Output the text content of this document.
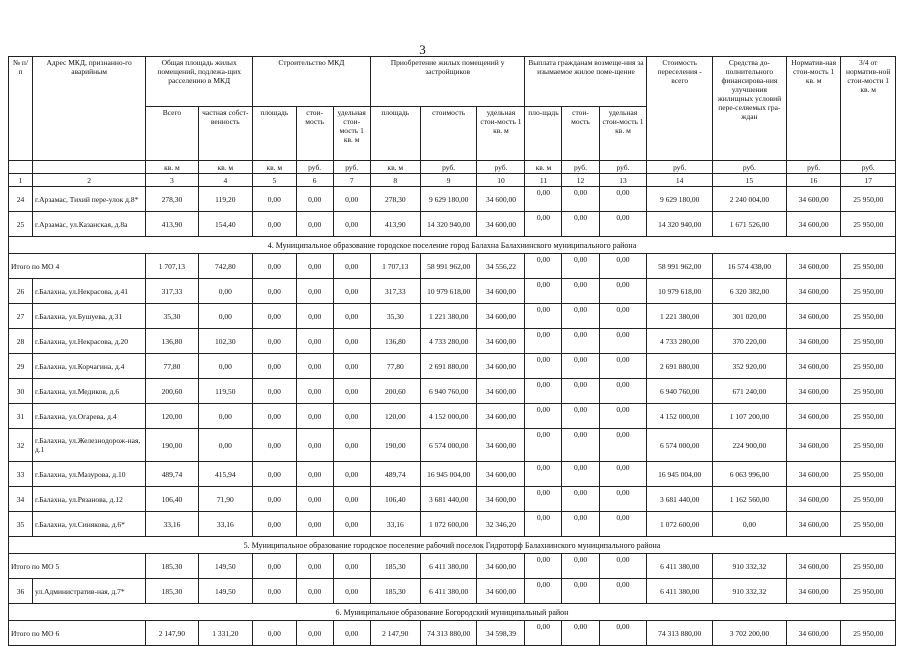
3
№ п/п	Адрес МКД, признанно-го аварийным	Общая площадь жилых помещений, подлежа-щих расселению в МКД		Строительство МКД			Приобретение жилых помещений у застройщиков			Выплата гражданам возмеще-ния за изымаемое жилое поме-щение			Стоимость переселения - всего	Средства до-полнительного финансирова-ния улучшения жилищных условий пере-селяемых гра-ждан	Норматив-ная стои-мость 1 кв. м	3/4 от норматив-ной стои-мости 1 кв. м
		Всего	частная собст-венность	площадь	стои-мость	удельная стои-мость 1 кв. м	площадь	стоимость	удельная стои-мость 1 кв. м	пло-щадь	стои-мость	удельная стои-мость 1 кв. м				
		кв. м	кв. м	кв. м	руб.	руб.	кв. м	руб.	руб.	кв. м	руб.	руб.	руб.	руб.	руб.	руб.
1	2	3	4	5	6	7	8	9	10	11	12	13	14	15	16	17
24	г.Арзамас, Тихий пере-улок д.8*	278,30	119,20	0,00	0,00	0,00	278,30	9 629 180,00	34 600,00	0,00	0,00	0,00	9 629 180,00	2 240 004,00	34 600,00	25 950,00
25	г.Арзамас, ул.Казанская, д.8а	413,90	154,40	0,00	0,00	0,00	413,90	14 320 940,00	34 600,00	0,00	0,00	0,00	14 320 940,00	1 671 526,00	34 600,00	25 950,00
4. Муниципальное образование городское поселение город Балахна Балахнинского муниципального района																
Итого по МО 4		1 707,13	742,80	0,00	0,00	0,00	1 707,13	58 991 962,00	34 556,22	0,00	0,00	0,00	58 991 962,00	16 574 438,00	34 600,00	25 950,00
26	г.Балахна, ул.Некрасова, д.41	317,33	0,00	0,00	0,00	0,00	317,33	10 979 618,00	34 600,00	0,00	0,00	0,00	10 979 618,00	6 320 382,00	34 600,00	25 950,00
27	г.Балахна, ул.Бушуева, д.31	35,30	0,00	0,00	0,00	0,00	35,30	1 221 380,00	34 600,00	0,00	0,00	0,00	1 221 380,00	301 020,00	34 600,00	25 950,00
28	г.Балахна, ул.Некрасова, д.20	136,80	102,30	0,00	0,00	0,00	136,80	4 733 280,00	34 600,00	0,00	0,00	0,00	4 733 280,00	370 220,00	34 600,00	25 950,00
29	г.Балахна, ул.Корчагина, д.4	77,80	0,00	0,00	0,00	0,00	77,80	2 691 880,00	34 600,00	0,00	0,00	0,00	2 691 880,00	352 920,00	34 600,00	25 950,00
30	г.Балахна, ул.Медиков, д.6	200,60	119,50	0,00	0,00	0,00	200,60	6 940 760,00	34 600,00	0,00	0,00	0,00	6 940 760,00	671 240,00	34 600,00	25 950,00
31	г.Балахна, ул.Огарева, д.4	120,00	0,00	0,00	0,00	0,00	120,00	4 152 000,00	34 600,00	0,00	0,00	0,00	4 152 000,00	1 107 200,00	34 600,00	25 950,00
32	г.Балахна, ул.Железнодорож-ная, д.1	190,00	0,00	0,00	0,00	0,00	190,00	6 574 000,00	34 600,00	0,00	0,00	0,00	6 574 000,00	224 900,00	34 600,00	25 950,00
33	г.Балахна, ул.Мазурова, д.10	489,74	415,94	0,00	0,00	0,00	489,74	16 945 004,00	34 600,00	0,00	0,00	0,00	16 945 004,00	6 063 996,00	34 600,00	25 950,00
34	г.Балахна, ул.Рязанова, д.12	106,40	71,90	0,00	0,00	0,00	106,40	3 681 440,00	34 600,00	0,00	0,00	0,00	3 681 440,00	1 162 560,00	34 600,00	25 950,00
35	г.Балахна, ул.Синякова, д.6*	33,16	33,16	0,00	0,00	0,00	33,16	1 072 600,00	32 346,20	0,00	0,00	0,00	1 072 600,00	0,00	34 600,00	25 950,00
5. Муниципальное образование городское поселение рабочий поселок Гидроторф Балахнинского муниципального района																
Итого по МО 5		185,30	149,50	0,00	0,00	0,00	185,30	6 411 380,00	34 600,00	0,00	0,00	0,00	6 411 380,00	910 332,32	34 600,00	25 950,00
36	ул.Административ-ная, д.7*	185,30	149,50	0,00	0,00	0,00	185,30	6 411 380,00	34 600,00	0,00	0,00	0,00	6 411 380,00	910 332,32	34 600,00	25 950,00
6. Муниципальное образование Богородский муниципальный район																
Итого по МО 6		2 147,90	1 331,20	0,00	0,00	0,00	2 147,90	74 313 880,00	34 598,39	0,00	0,00	0,00	74 313 880,00	3 702 200,00	34 600,00	25 950,00
